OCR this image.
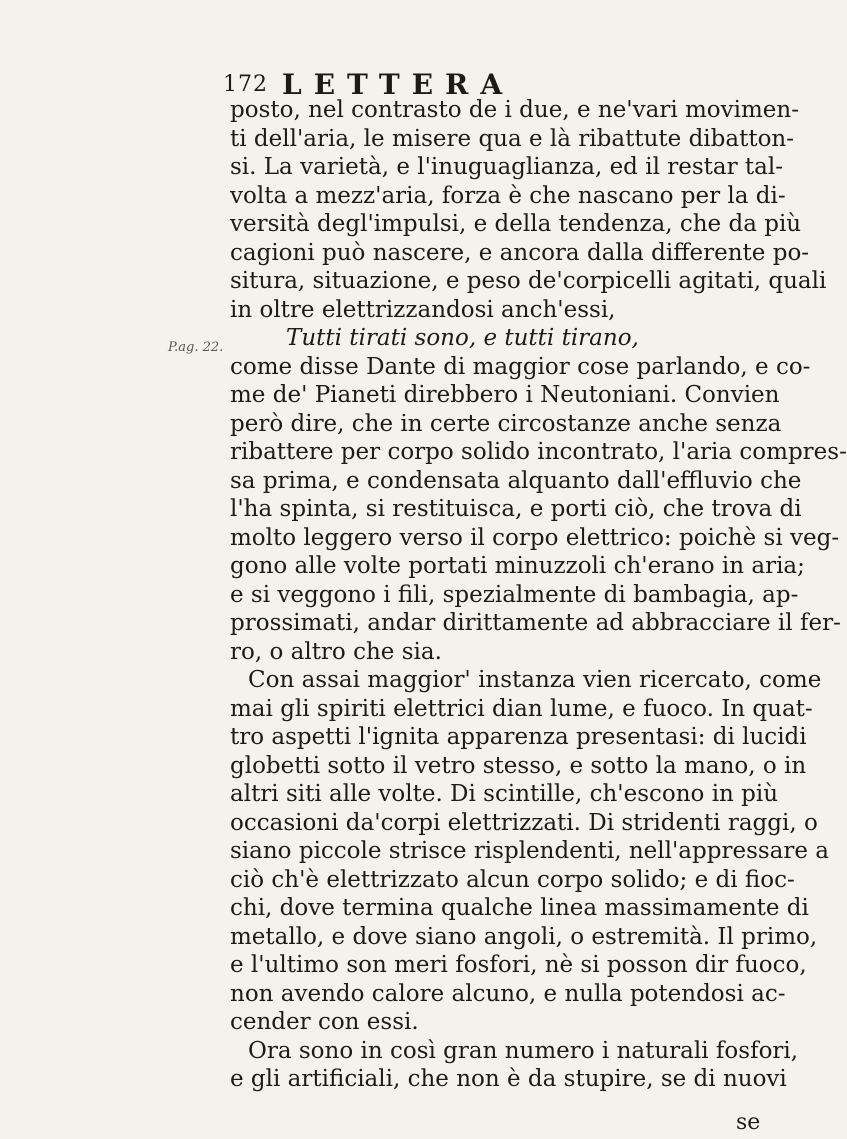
172 LETTERA
P.ag. 22.
posto, nel contrasto de i due, e ne'vari movimen-
ti dell'aria, le misere qua e là ribattute dibatton-
si. La varietà, e l'inuguaglianza, ed il restar tal-
volta a mezz'aria, forza è che nascano per la di-
versità degl'impulsi, e della tendenza, che da più
cagioni può nascere, e ancora dalla differente po-
situra, situazione, e peso de'corpicelli agitati, quali
in oltre elettrizzandosi anch'essi,
Tutti tirati sono, e tutti tirano,
come disse Dante di maggior cose parlando, e co-
me de' Pianeti direbbero i Neutoniani. Convien
però dire, che in certe circostanze anche senza
ribattere per corpo solido incontrato, l'aria compres-
sa prima, e condensata alquanto dall'effluvio che
l'ha spinta, si restituisca, e porti ciò, che trova di
molto leggero verso il corpo elettrico: poichè si veg-
gono alle volte portati minuzzoli ch'erano in aria;
e si veggono i fili, spezialmente di bambagia, ap-
prossimati, andar dirittamente ad abbracciare il fer-
ro, o altro che sia.
Con assai maggior' instanza vien ricercato, come
mai gli spiriti elettrici dian lume, e fuoco. In quat-
tro aspetti l'ignita apparenza presentasi: di lucidi
globetti sotto il vetro stesso, e sotto la mano, o in
altri siti alle volte. Di scintille, ch'escono in più
occasioni da'corpi elettrizzati. Di stridenti raggi, o
siano piccole strisce risplendenti, nell'appressare a
ciò ch'è elettrizzato alcun corpo solido; e di fioc-
chi, dove termina qualche linea massimamente di
metallo, e dove siano angoli, o estremità. Il primo,
e l'ultimo son meri fosfori, nè si posson dir fuoco,
non avendo calore alcuno, e nulla potendosi ac-
cender con essi.
Ora sono in così gran numero i naturali fosfori,
e gli artificiali, che non è da stupire, se di nuovi
se
